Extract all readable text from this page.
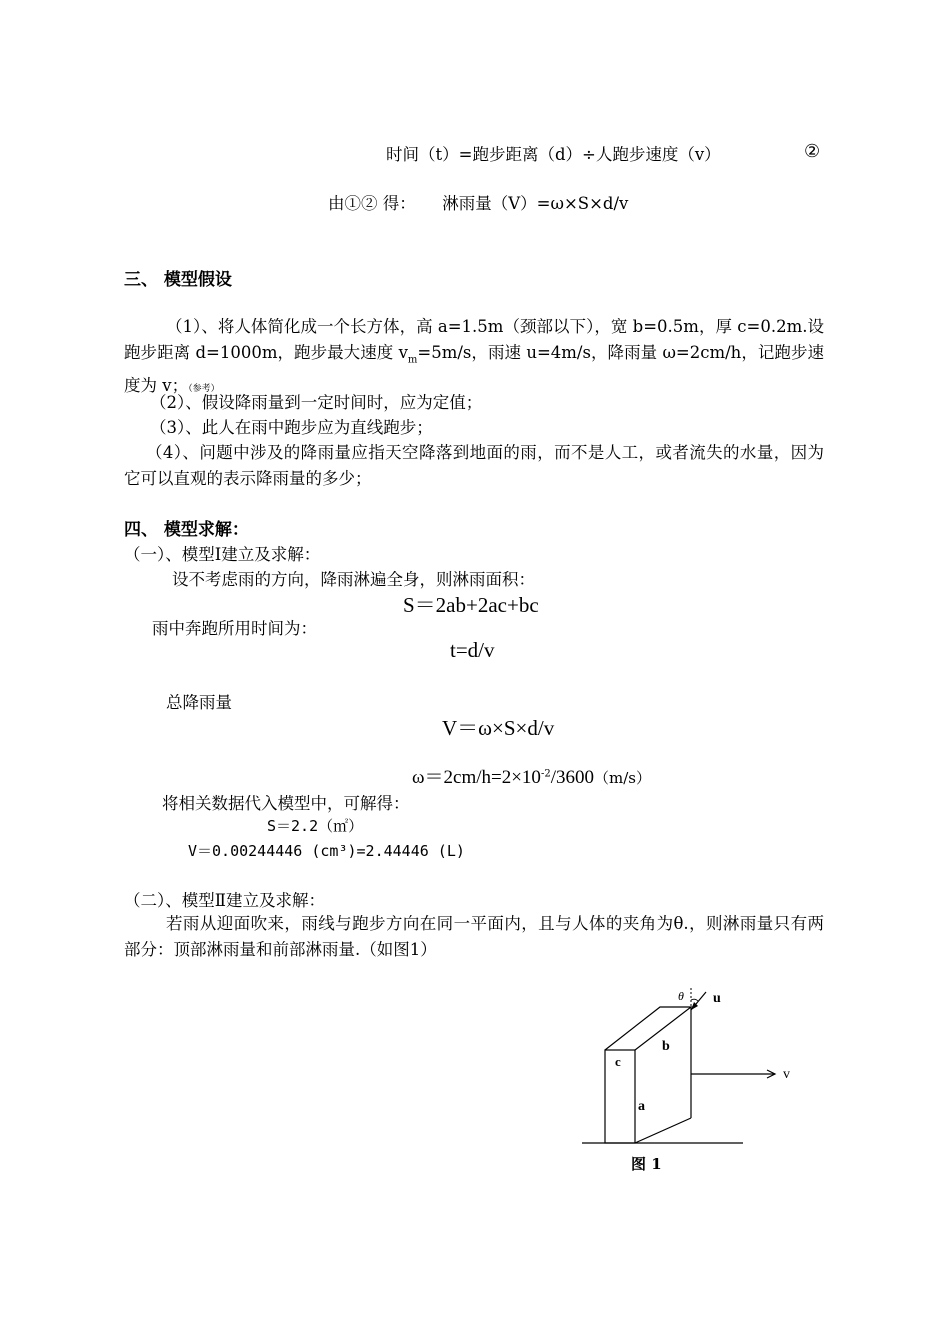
时间（t）=跑步距离（d）÷人跑步速度（v）	②
由①② 得： 淋雨量（V）=ω×S×d/v
三、 模型假设
（1）、将人体简化成一个长方体，高 a=1.5m（颈部以下），宽 b=0.5m，厚 c=0.2m.设跑步距离 d=1000m，跑步最大速度 $v_m=5m/s$，雨速 u=4m/s，降雨量 ω=2cm/h，记跑步速度为 v；（参考）
（2）、假设降雨量到一定时间时，应为定值；
（3）、此人在雨中跑步应为直线跑步；
（4）、问题中涉及的降雨量应指天空降落到地面的雨，而不是人工，或者流失的水量，因为它可以直观的表示降雨量的多少；
四、 模型求解：
（一）、模型Ⅰ建立及求解：
设不考虑雨的方向，降雨淋遍全身，则淋雨面积：
S＝2ab+2ac+bc
雨中奔跑所用时间为：
t=d/v
总降雨量
V＝ω×S×d/v
$\omega=2cm/h=2\times 10^{-2}/3600(m/s)$
将相关数据代入模型中，可解得：
S＝2.2（㎡）
V＝0.00244446 (cm³)=2.44446 (L)
（二）、模型Ⅱ建立及求解：
若雨从迎面吹来，雨线与跑步方向在同一平面内，且与人体的夹角为θ.，则淋雨量只有两部分：顶部淋雨量和前部淋雨量.（如图1）
θ u
v
a
b
c
图 1
